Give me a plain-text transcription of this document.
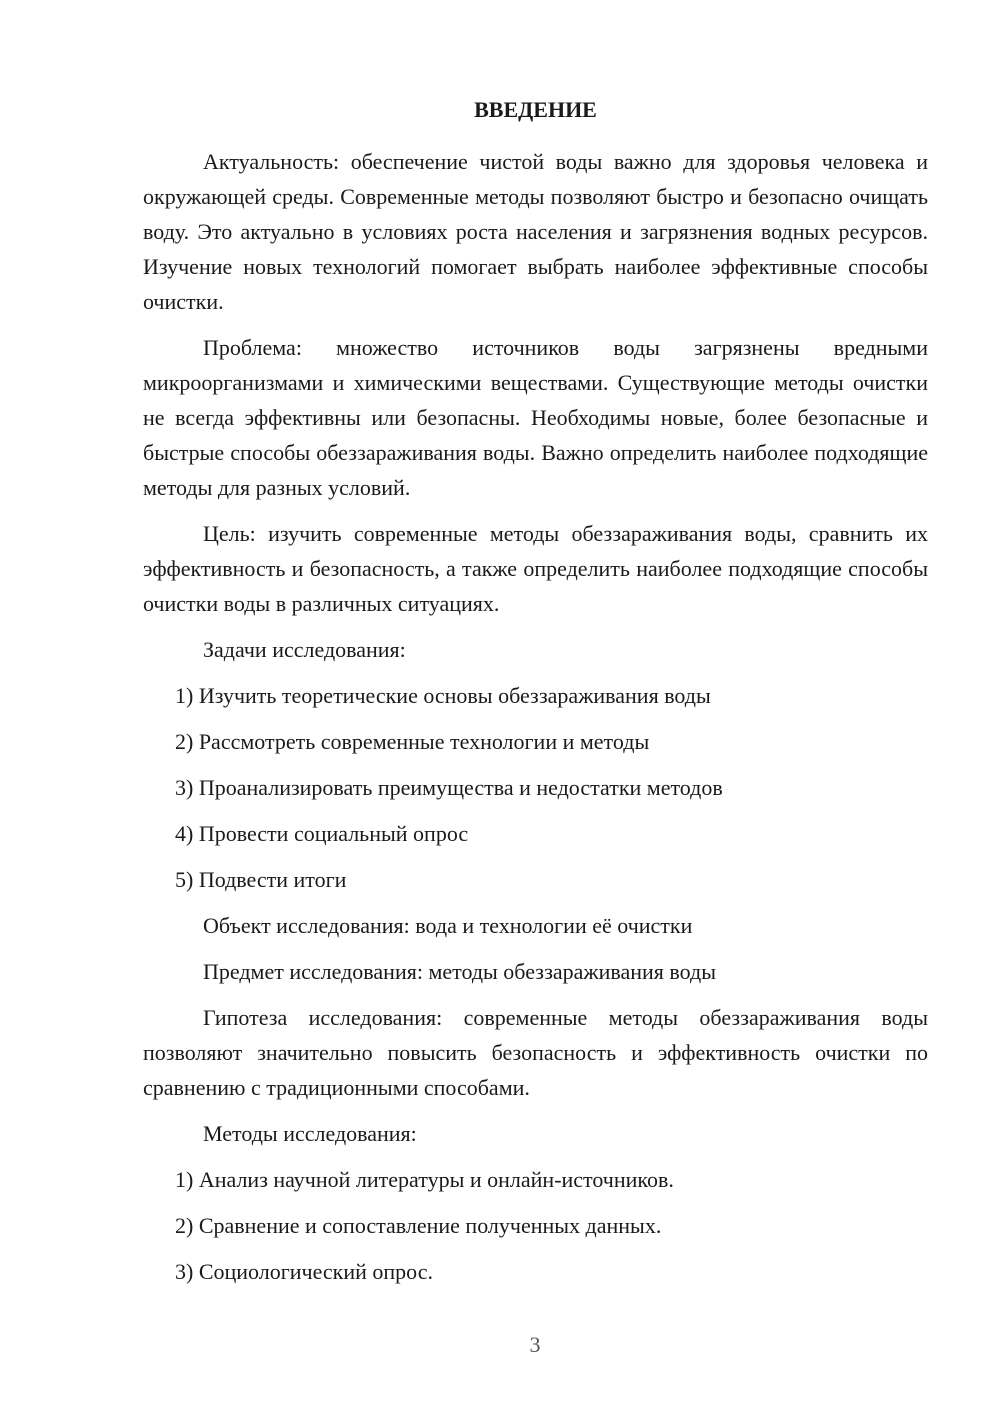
ВВЕДЕНИЕ

Актуальность: обеспечение чистой воды важно для здоровья человека и окружающей среды. Современные методы позволяют быстро и безопасно очищать воду. Это актуально в условиях роста населения и загрязнения водных ресурсов. Изучение новых технологий помогает выбрать наиболее эффективные способы очистки.

Проблема: множество источников воды загрязнены вредными микроорганизмами и химическими веществами. Существующие методы очистки не всегда эффективны или безопасны. Необходимы новые, более безопасные и быстрые способы обеззараживания воды. Важно определить наиболее подходящие методы для разных условий.

Цель: изучить современные методы обеззараживания воды, сравнить их эффективность и безопасность, а также определить наиболее подходящие способы очистки воды в различных ситуациях.

Задачи исследования:

1) Изучить теоретические основы обеззараживания воды

2) Рассмотреть современные технологии и методы

3) Проанализировать преимущества и недостатки методов

4) Провести социальный опрос

5) Подвести итоги

Объект исследования: вода и технологии её очистки

Предмет исследования: методы обеззараживания воды

Гипотеза исследования: современные методы обеззараживания воды позволяют значительно повысить безопасность и эффективность очистки по сравнению с традиционными способами.

Методы исследования:

1) Анализ научной литературы и онлайн-источников.

2) Сравнение и сопоставление полученных данных.

3) Социологический опрос.

3
